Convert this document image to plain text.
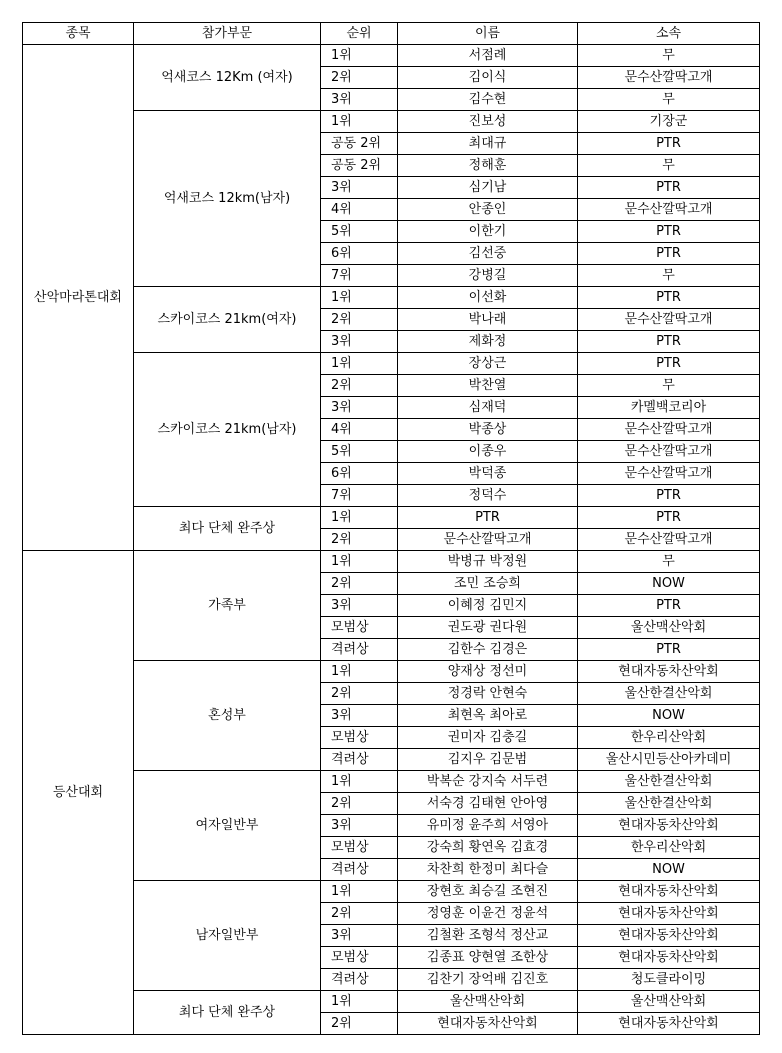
종목	참가부문	순위	이름	소속
산악마라톤대회	억새코스 12Km (여자)	1위	서점례	무
		2위	김이식	문수산깔딱고개
		3위	김수현	무
	억새코스 12km(남자)	1위	진보성	기장군
		공동 2위	최대규	PTR
		공동 2위	정해훈	무
		3위	심기남	PTR
		4위	안종인	문수산깔딱고개
		5위	이한기	PTR
		6위	김선중	PTR
		7위	강병길	무
	스카이코스 21km(여자)	1위	이선화	PTR
		2위	박나래	문수산깔딱고개
		3위	제화정	PTR
	스카이코스 21km(남자)	1위	장상근	PTR
		2위	박찬열	무
		3위	심재덕	카멜백코리아
		4위	박종상	문수산깔딱고개
		5위	이종우	문수산깔딱고개
		6위	박덕종	문수산깔딱고개
		7위	정덕수	PTR
	최다 단체 완주상	1위	PTR	PTR
		2위	문수산깔딱고개	문수산깔딱고개
등산대회	가족부	1위	박병규 박정원	무
		2위	조민 조승희	NOW
		3위	이혜정 김민지	PTR
		모범상	권도광 권다원	울산맥산악회
		격려상	김한수 김경은	PTR
	혼성부	1위	양재상 정선미	현대자동차산악회
		2위	정경락 안현숙	울산한결산악회
		3위	최현옥 최아로	NOW
		모범상	권미자 김충길	한우리산악회
		격려상	김지우 김문범	울산시민등산아카데미
	여자일반부	1위	박복순 강지숙 서두련	울산한결산악회
		2위	서숙경 김태현 안아영	울산한결산악회
		3위	유미정 윤주희 서영아	현대자동차산악회
		모범상	강숙희 황연옥 김효경	한우리산악회
		격려상	차찬희 한정미 최다슬	NOW
	남자일반부	1위	장현호 최승길 조현진	현대자동차산악회
		2위	정영훈 이윤건 정윤석	현대자동차산악회
		3위	김철환 조형석 정산교	현대자동차산악회
		모범상	김종표 양현열 조한상	현대자동차산악회
		격려상	김찬기 장억배 김진호	청도클라이밍
	최다 단체 완주상	1위	울산맥산악회	울산맥산악회
		2위	현대자동차산악회	현대자동차산악회
